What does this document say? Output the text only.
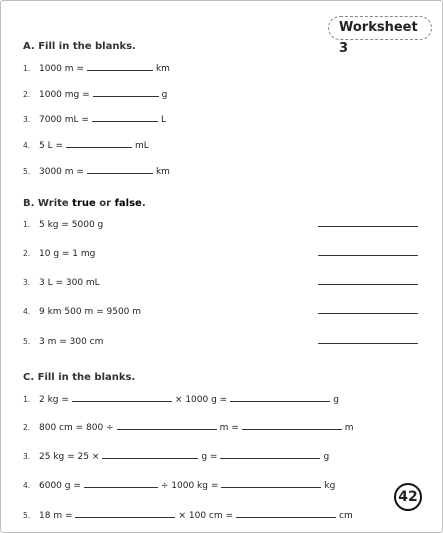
Worksheet 3
A. Fill in the blanks.
1. 1000 m =	km
2. 1000 mg =	g
3. 7000 mL =	L
4. 5 L =	mL
5. 3000 m =	km
B. Write true or false.
1. 5 kg = 5000 g
2. 10 g = 1 mg
3. 3 L = 300 mL
4. 9 km 500 m = 9500 m
5. 3 m = 300 cm
C. Fill in the blanks.
1. 2 kg =	× 1000 g =	g
2. 800 cm = 800 ÷	m =	m
3. 25 kg = 25 ×	g =	g
4. 6000 g =	÷ 1000 kg =	kg
5. 18 m =	× 100 cm =	cm
42
